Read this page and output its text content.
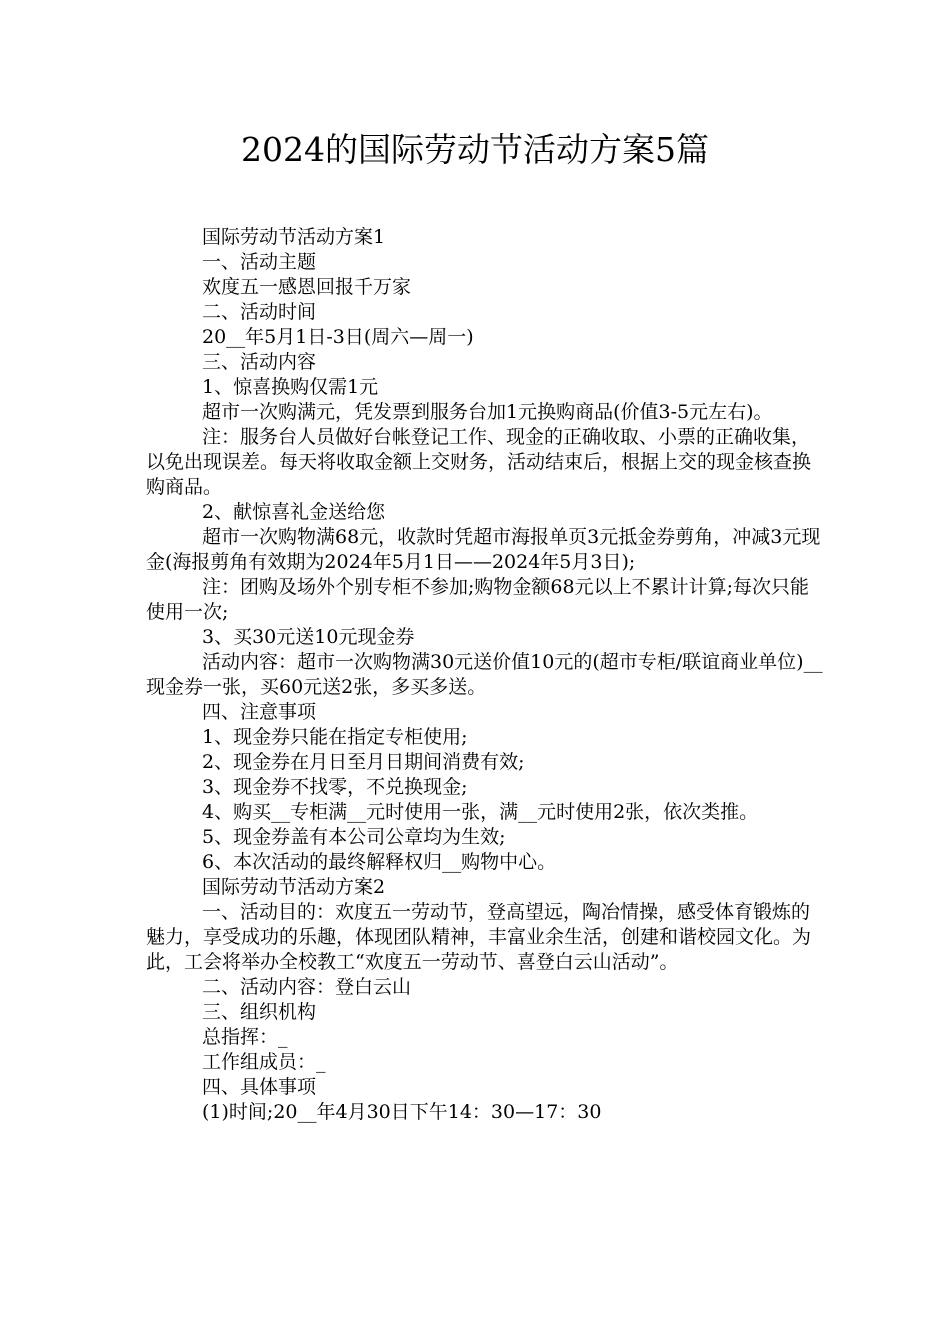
2024的国际劳动节活动方案5篇

国际劳动节活动方案1

一、活动主题

欢度五一感恩回报千万家

二、活动时间

20__年5月1日-3日(周六—周一)

三、活动内容

1、惊喜换购仅需1元

超市一次购满元，凭发票到服务台加1元换购商品(价值3-5元左右)。

注：服务台人员做好台帐登记工作、现金的正确收取、小票的正确收集，以免出现误差。每天将收取金额上交财务，活动结束后，根据上交的现金核查换购商品。

2、献惊喜礼金送给您

超市一次购物满68元，收款时凭超市海报单页3元抵金券剪角，冲减3元现金(海报剪角有效期为2024年5月1日——2024年5月3日);

注：团购及场外个别专柜不参加;购物金额68元以上不累计计算;每次只能使用一次;

3、买30元送10元现金券

活动内容：超市一次购物满30元送价值10元的(超市专柜/联谊商业单位)__现金券一张，买60元送2张，多买多送。

四、注意事项

1、现金券只能在指定专柜使用;

2、现金券在月日至月日期间消费有效;

3、现金券不找零，不兑换现金;

4、购买__专柜满__元时使用一张，满__元时使用2张，依次类推。

5、现金券盖有本公司公章均为生效;

6、本次活动的最终解释权归__购物中心。

国际劳动节活动方案2

一、活动目的：欢度五一劳动节，登高望远，陶冶情操，感受体育锻炼的魅力，享受成功的乐趣，体现团队精神，丰富业余生活，创建和谐校园文化。为此，工会将举办全校教工“欢度五一劳动节、喜登白云山活动”。

二、活动内容：登白云山

三、组织机构

总指挥：_

工作组成员：_

四、具体事项

(1)时间;20__年4月30日下午14：30—17：30
